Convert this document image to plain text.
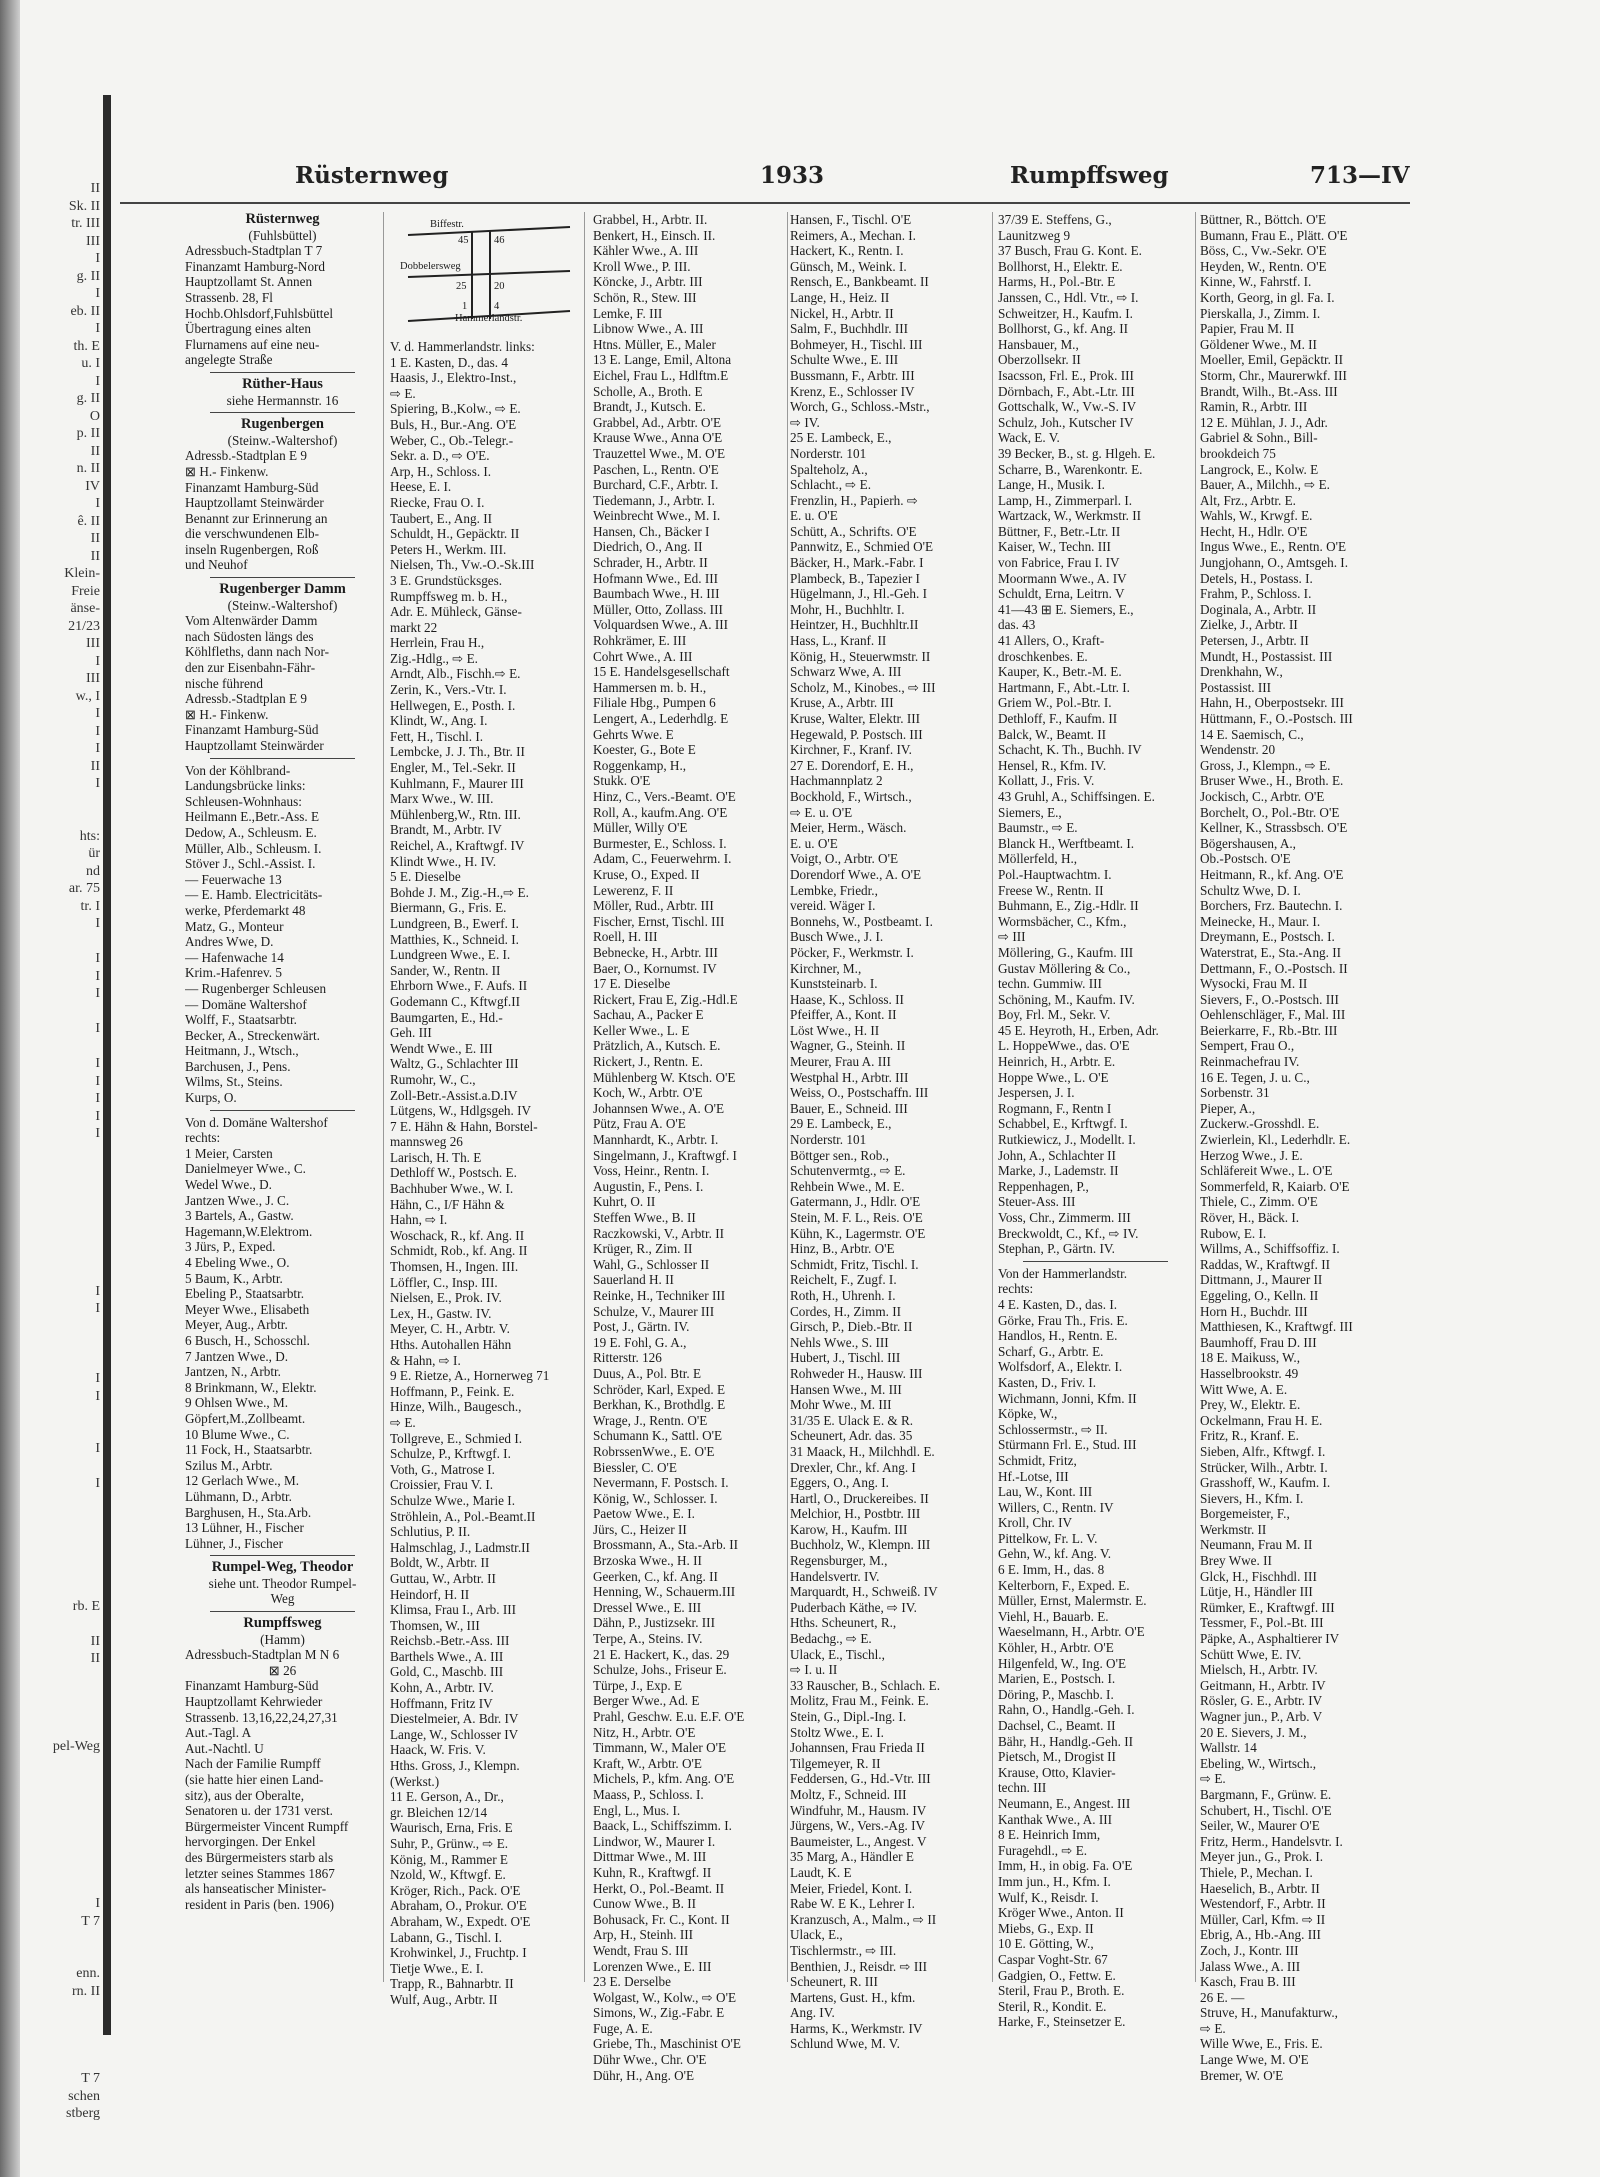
II
Sk. II
tr. III
III
I
g. II
I
eb. II
I
th. E
u. I
I
g. II
O
p. II
II
n. II
IV
I
ê. II
II
II
Klein-
Freie
änse-
21/23
III
I
III
w., I
I
I
I
II
I

hts:
ür
nd
ar. 75
tr. I
I

I
I
I

I

I
I
I
I
I

I
I

I
I

I

I

rb. E

II
II

pel-Weg

I
T 7

enn.
rn. II

T 7
schen
stberg
Rüsternweg	1933	Rumpffsweg	713—IV
Rüsternweg
(Fuhlsbüttel)
Adressbuch-Stadtplan T 7
Finanzamt Hamburg-Nord
Hauptzollamt St. Annen
Strassenb. 28, Fl
Hochb.Ohlsdorf,Fuhlsbüttel
Übertragung eines alten
Flurnamens auf eine neu-
angelegte Straße
Rüther-Haus
siehe Hermannstr. 16
Rugenbergen
(Steinw.-Waltershof)
Adressb.-Stadtplan E 9
⊠ H.- Finkenw.
Finanzamt Hamburg-Süd
Hauptzollamt Steinwärder
Benannt zur Erinnerung an
die verschwundenen Elb-
inseln Rugenbergen, Roß
und Neuhof
Rugenberger Damm
(Steinw.-Waltershof)
Vom Altenwärder Damm
nach Südosten längs des
Köhlfleths, dann nach Nor-
den zur Eisenbahn-Fähr-
nische führend
Adressb.-Stadtplan E 9
⊠ H.- Finkenw.
Finanzamt Hamburg-Süd
Hauptzollamt Steinwärder
Von der Köhlbrand-
Landungsbrücke links:
Schleusen-Wohnhaus:
Heilmann E.,Betr.-Ass. E
Dedow, A., Schleusm. E.
Müller, Alb., Schleusm. I.
Stöver J., Schl.-Assist. I.
— Feuerwache 13
— E. Hamb. Electricitäts-
werke, Pferdemarkt 48
Matz, G., Monteur
Andres Wwe, D.
— Hafenwache 14
Krim.-Hafenrev. 5
— Rugenberger Schleusen
— Domäne Waltershof
Wolff, F., Staatsarbtr.
Becker, A., Streckenwärt.
Heitmann, J., Wtsch.,
Barchusen, J., Pens.
Wilms, St., Steins.
Kurps, O.
Von d. Domäne Waltershof
rechts:
1 Meier, Carsten
Danielmeyer Wwe., C.
Wedel Wwe., D.
Jantzen Wwe., J. C.
3 Bartels, A., Gastw.
Hagemann,W.Elektrom.
3 Jürs, P., Exped.
4 Ebeling Wwe., O.
5 Baum, K., Arbtr.
Ebeling P., Staatsarbtr.
Meyer Wwe., Elisabeth
Meyer, Aug., Arbtr.
6 Busch, H., Schosschl.
7 Jantzen Wwe., D.
Jantzen, N., Arbtr.
8 Brinkmann, W., Elektr.
9 Ohlsen Wwe., M.
Göpfert,M.,Zollbeamt.
10 Blume Wwe., C.
11 Fock, H., Staatsarbtr.
Szilus M., Arbtr.
12 Gerlach Wwe., M.
Lühmann, D., Arbtr.
Barghusen, H., Sta.Arb.
13 Lühner, H., Fischer
Lühner, J., Fischer
Rumpel-Weg, Theodor
siehe unt. Theodor Rumpel-
Weg
Rumpffsweg
(Hamm)
Adressbuch-Stadtplan M N 6
⊠ 26
Finanzamt Hamburg-Süd
Hauptzollamt Kehrwieder
Strassenb. 13,16,22,24,27,31
Aut.-Tagl. A
Aut.-Nachtl. U
Nach der Familie Rumpff
(sie hatte hier einen Land-
sitz), aus der Oberalte,
Senatoren u. der 1731 verst.
Bürgermeister Vincent Rumpff
hervorgingen. Der Enkel
des Bürgermeisters starb als
letzter seines Stammes 1867
als hanseatischer Minister-
resident in Paris (ben. 1906)
Biffestr.
Dobbelersweg
Hammerlandstr.
45 46
25	20
1	4
V. d. Hammerlandstr. links:
1 E. Kasten, D., das. 4
Haasis, J., Elektro-Inst.,
⇨ E.
Spiering, B.,Kolw., ⇨ E.
Buls, H., Bur.-Ang. O'E
Weber, C., Ob.-Telegr.-
Sekr. a. D., ⇨ O'E.
Arp, H., Schloss. I.
Heese, E. I.
Riecke, Frau O. I.
Taubert, E., Ang. II
Schuldt, H., Gepäcktr. II
Peters H., Werkm. III.
Nielsen, Th., Vw.-O.-Sk.III
3 E. Grundstücksges.
Rumpffsweg m. b. H.,
Adr. E. Mühleck, Gänse-
markt 22
Herrlein, Frau H.,
Zig.-Hdlg., ⇨ E.
Arndt, Alb., Fischh.⇨ E.
Zerin, K., Vers.-Vtr. I.
Hellwegen, E., Posth. I.
Klindt, W., Ang. I.
Fett, H., Tischl. I.
Lembcke, J. J. Th., Btr. II
Engler, M., Tel.-Sekr. II
Kuhlmann, F., Maurer III
Marx Wwe., W. III.
Mühlenberg,W., Rtn. III.
Brandt, M., Arbtr. IV
Reichel, A., Kraftwgf. IV
Klindt Wwe., H. IV.
5 E. Dieselbe
Bohde J. M., Zig.-H.,⇨ E.
Biermann, G., Fris. E.
Lundgreen, B., Ewerf. I.
Matthies, K., Schneid. I.
Lundgreen Wwe., E. I.
Sander, W., Rentn. II
Ehrborn Wwe., F. Aufs. II
Godemann C., Kftwgf.II
Baumgarten, E., Hd.-
Geh. III
Wendt Wwe., E. III
Waltz, G., Schlachter III
Rumohr, W., C.,
Zoll-Betr.-Assist.a.D.IV
Lütgens, W., Hdlgsgeh. IV
7 E. Hähn & Hahn, Borstel-
mannsweg 26
Larisch, H. Th. E
Dethloff W., Postsch. E.
Bachhuber Wwe., W. I.
Hähn, C., I/F Hähn &
Hahn, ⇨ I.
Woschack, R., kf. Ang. II
Schmidt, Rob., kf. Ang. II
Thomsen, H., Ingen. III.
Löffler, C., Insp. III.
Nielsen, E., Prok. IV.
Lex, H., Gastw. IV.
Meyer, C. H., Arbtr. V.
Hths. Autohallen Hähn
& Hahn, ⇨ I.
9 E. Rietze, A., Hornerweg 71
Hoffmann, P., Feink. E.
Hinze, Wilh., Baugesch.,
⇨ E.
Tollgreve, E., Schmied I.
Schulze, P., Krftwgf. I.
Voth, G., Matrose I.
Croissier, Frau V. I.
Schulze Wwe., Marie I.
Ströhlein, A., Pol.-Beamt.II
Schlutius, P. II.
Halmschlag, J., Ladmstr.II
Boldt, W., Arbtr. II
Guttau, W., Arbtr. II
Heindorf, H. II
Klimsa, Frau I., Arb. III
Thomsen, W., III
Reichsb.-Betr.-Ass. III
Barthels Wwe., A. III
Gold, C., Maschb. III
Kohn, A., Arbtr. IV.
Hoffmann, Fritz IV
Diestelmeier, A. Bdr. IV
Lange, W., Schlosser IV
Haack, W. Fris. V.
Hths. Gross, J., Klempn.
(Werkst.)
11 E. Gerson, A., Dr.,
gr. Bleichen 12/14
Waurisch, Erna, Fris. E
Suhr, P., Grünw., ⇨ E.
König, M., Rammer E
Nzold, W., Kftwgf. E.
Kröger, Rich., Pack. O'E
Abraham, O., Prokur. O'E
Abraham, W., Expedt. O'E
Labann, G., Tischl. I.
Krohwinkel, J., Fruchtp. I
Tietje Wwe., E. I.
Trapp, R., Bahnarbtr. II
Wulf, Aug., Arbtr. II
Grabbel, H., Arbtr. II.
Benkert, H., Einsch. II.
Kähler Wwe., A. III
Kroll Wwe., P. III.
Köncke, J., Arbtr. III
Schön, R., Stew. III
Lemke, F. III
Libnow Wwe., A. III
Htns. Müller, E., Maler
13 E. Lange, Emil, Altona
Eichel, Frau L., Hdlftm.E
Scholle, A., Broth. E
Brandt, J., Kutsch. E.
Grabbel, Ad., Arbtr. O'E
Krause Wwe., Anna O'E
Trauzettel Wwe., M. O'E
Paschen, L., Rentn. O'E
Burchard, C.F., Arbtr. I.
Tiedemann, J., Arbtr. I.
Weinbrecht Wwe., M. I.
Hansen, Ch., Bäcker I
Diedrich, O., Ang. II
Schrader, H., Arbtr. II
Hofmann Wwe., Ed. III
Baumbach Wwe., H. III
Müller, Otto, Zollass. III
Volquardsen Wwe., A. III
Rohkrämer, E. III
Cohrt Wwe., A. III
15 E. Handelsgesellschaft
Hammersen m. b. H.,
Filiale Hbg., Pumpen 6
Lengert, A., Lederhdlg. E
Gehrts Wwe. E
Koester, G., Bote E
Roggenkamp, H.,
Stukk. O'E
Hinz, C., Vers.-Beamt. O'E
Roll, A., kaufm.Ang. O'E
Müller, Willy O'E
Burmester, E., Schloss. I.
Adam, C., Feuerwehrm. I.
Kruse, O., Exped. II
Lewerenz, F. II
Möller, Rud., Arbtr. III
Fischer, Ernst, Tischl. III
Roell, H. III
Bebnecke, H., Arbtr. III
Baer, O., Kornumst. IV
17 E. Dieselbe
Rickert, Frau E, Zig.-Hdl.E
Sachau, A., Packer E
Keller Wwe., L. E
Prätzlich, A., Kutsch. E.
Rickert, J., Rentn. E.
Mühlenberg W. Ktsch. O'E
Koch, W., Arbtr. O'E
Johannsen Wwe., A. O'E
Pütz, Frau A. O'E
Mannhardt, K., Arbtr. I.
Singelmann, J., Kraftwgf. I
Voss, Heinr., Rentn. I.
Augustin, F., Pens. I.
Kuhrt, O. II
Steffen Wwe., B. II
Raczkowski, V., Arbtr. II
Krüger, R., Zim. II
Wahl, G., Schlosser II
Sauerland H. II
Reinke, H., Techniker III
Schulze, V., Maurer III
Post, J., Gärtn. IV.
19 E. Fohl, G. A.,
Ritterstr. 126
Duus, A., Pol. Btr. E
Schröder, Karl, Exped. E
Berkhan, K., Brothdlg. E
Wrage, J., Rentn. O'E
Schumann K., Sattl. O'E
RobrssenWwe., E. O'E
Biessler, C. O'E
Nevermann, F. Postsch. I.
König, W., Schlosser. I.
Paetow Wwe., E. I.
Jürs, C., Heizer II
Brossmann, A., Sta.-Arb. II
Brzoska Wwe., H. II
Geerken, C., kf. Ang. II
Henning, W., Schauerm.III
Dressel Wwe., E. III
Dähn, P., Justizsekr. III
Terpe, A., Steins. IV.
21 E. Hackert, K., das. 29
Schulze, Johs., Friseur E.
Türpe, J., Exp. E
Berger Wwe., Ad. E
Prahl, Geschw. E.u. E.F. O'E
Nitz, H., Arbtr. O'E
Timmann, W., Maler O'E
Kraft, W., Arbtr. O'E
Michels, P., kfm. Ang. O'E
Maass, P., Schloss. I.
Engl, L., Mus. I.
Baack, L., Schiffszimm. I.
Lindwor, W., Maurer I.
Dittmar Wwe., M. III
Kuhn, R., Kraftwgf. II
Herkt, O., Pol.-Beamt. II
Cunow Wwe., B. II
Bohusack, Fr. C., Kont. II
Arp, H., Steinh. III
Wendt, Frau S. III
Lorenzen Wwe., E. III
23 E. Derselbe
Wolgast, W., Kolw., ⇨ O'E
Simons, W., Zig.-Fabr. E
Fuge, A. E.
Griebe, Th., Maschinist O'E
Dühr Wwe., Chr. O'E
Dühr, H., Ang. O'E
Hansen, F., Tischl. O'E
Reimers, A., Mechan. I.
Hackert, K., Rentn. I.
Günsch, M., Weink. I.
Rensch, E., Bankbeamt. II
Lange, H., Heiz. II
Nickel, H., Arbtr. II
Salm, F., Buchhdlr. III
Bohmeyer, H., Tischl. III
Schulte Wwe., E. III
Bussmann, F., Arbtr. III
Krenz, E., Schlosser IV
Worch, G., Schloss.-Mstr.,
⇨ IV.
25 E. Lambeck, E.,
Norderstr. 101
Spalteholz, A.,
Schlacht., ⇨ E.
Frenzlin, H., Papierh. ⇨
E. u. O'E
Schütt, A., Schrifts. O'E
Pannwitz, E., Schmied O'E
Bäcker, H., Mark.-Fabr. I
Plambeck, B., Tapezier I
Hügelmann, J., Hl.-Geh. I
Mohr, H., Buchhltr. I.
Heintzer, H., Buchhltr.II
Hass, L., Kranf. II
König, H., Steuerwmstr. II
Schwarz Wwe, A. III
Scholz, M., Kinobes., ⇨ III
Kruse, A., Arbtr. III
Kruse, Walter, Elektr. III
Hegewald, P. Postsch. III
Kirchner, F., Kranf. IV.
27 E. Dorendorf, E. H.,
Hachmannplatz 2
Bockhold, F., Wirtsch.,
⇨ E. u. O'E
Meier, Herm., Wäsch.
E. u. O'E
Voigt, O., Arbtr. O'E
Dorendorf Wwe., A. O'E
Lembke, Friedr.,
vereid. Wäger I.
Bonnehs, W., Postbeamt. I.
Busch Wwe., J. I.
Pöcker, F., Werkmstr. I.
Kirchner, M.,
Kunststeinarb. I.
Haase, K., Schloss. II
Pfeiffer, A., Kont. II
Löst Wwe., H. II
Wagner, G., Steinh. II
Meurer, Frau A. III
Westphal H., Arbtr. III
Weiss, O., Postschaffn. III
Bauer, E., Schneid. III
29 E. Lambeck, E.,
Norderstr. 101
Böttger sen., Rob.,
Schutenvermtg., ⇨ E.
Rehbein Wwe., M. E.
Gatermann, J., Hdlr. O'E
Stein, M. F. L., Reis. O'E
Kühn, K., Lagermstr. O'E
Hinz, B., Arbtr. O'E
Schmidt, Fritz, Tischl. I.
Reichelt, F., Zugf. I.
Roth, H., Uhrenh. I.
Cordes, H., Zimm. II
Girsch, P., Dieb.-Btr. II
Nehls Wwe., S. III
Hubert, J., Tischl. III
Rohweder H., Hausw. III
Hansen Wwe., M. III
Mohr Wwe., M. III
31/35 E. Ulack E. & R.
Scheunert, Adr. das. 35
31 Maack, H., Milchhdl. E.
Drexler, Chr., kf. Ang. I
Eggers, O., Ang. I.
Hartl, O., Druckereibes. II
Melchior, H., Postbtr. III
Karow, H., Kaufm. III
Buchholz, W., Klempn. III
Regensburger, M.,
Handelsvertr. IV.
Marquardt, H., Schweiß. IV
Puderbach Käthe, ⇨ IV.
Hths. Scheunert, R.,
Bedachg., ⇨ E.
Ulack, E., Tischl.,
⇨ I. u. II
33 Rauscher, B., Schlach. E.
Molitz, Frau M., Feink. E.
Stein, G., Dipl.-Ing. I.
Stoltz Wwe., E. I.
Johannsen, Frau Frieda II
Tilgemeyer, R. II
Feddersen, G., Hd.-Vtr. III
Moltz, F., Schneid. III
Windfuhr, M., Hausm. IV
Jürgens, W., Vers.-Ag. IV
Baumeister, L., Angest. V
35 Marg, A., Händler E
Laudt, K. E
Meier, Friedel, Kont. I.
Rabe W. E K., Lehrer I.
Kranzusch, A., Malm., ⇨ II
Ulack, E.,
Tischlermstr., ⇨ III.
Benthien, J., Reisdr. ⇨ III
Scheunert, R. III
Martens, Gust. H., kfm.
Ang. IV.
Harms, K., Werkmstr. IV
Schlund Wwe, M. V.
37/39 E. Steffens, G.,
Launitzweg 9
37 Busch, Frau G. Kont. E.
Bollhorst, H., Elektr. E.
Harms, H., Pol.-Btr. E
Janssen, C., Hdl. Vtr., ⇨ I.
Schweitzer, H., Kaufm. I.
Bollhorst, G., kf. Ang. II
Hansbauer, M.,
Oberzollsekr. II
Isacsson, Frl. E., Prok. III
Dörnbach, F., Abt.-Ltr. III
Gottschalk, W., Vw.-S. IV
Schulz, Joh., Kutscher IV
Wack, E. V.
39 Becker, B., st. g. Hlgeh. E.
Scharre, B., Warenkontr. E.
Lange, H., Musik. I.
Lamp, H., Zimmerparl. I.
Wartzack, W., Werkmstr. II
Büttner, F., Betr.-Ltr. II
Kaiser, W., Techn. III
von Fabrice, Frau I. IV
Moormann Wwe., A. IV
Schuldt, Erna, Leitrn. V
41—43 ⊞ E. Siemers, E.,
das. 43
41 Allers, O., Kraft-
droschkenbes. E.
Kauper, K., Betr.-M. E.
Hartmann, F., Abt.-Ltr. I.
Griem W., Pol.-Btr. I.
Dethloff, F., Kaufm. II
Balck, W., Beamt. II
Schacht, K. Th., Buchh. IV
Hensel, R., Kfm. IV.
Kollatt, J., Fris. V.
43 Gruhl, A., Schiffsingen. E.
Siemers, E.,
Baumstr., ⇨ E.
Blanck H., Werftbeamt. I.
Möllerfeld, H.,
Pol.-Hauptwachtm. I.
Freese W., Rentn. II
Buhmann, E., Zig.-Hdlr. II
Wormsbächer, C., Kfm.,
⇨ III
Möllering, G., Kaufm. III
Gustav Möllering & Co.,
techn. Gummiw. III
Schöning, M., Kaufm. IV.
Boy, Frl. M., Sekr. V.
45 E. Heyroth, H., Erben, Adr.
L. HoppeWwe., das. O'E
Heinrich, H., Arbtr. E.
Hoppe Wwe., L. O'E
Jespersen, J. I.
Rogmann, F., Rentn I
Schabbel, E., Krftwgf. I.
Rutkiewicz, J., Modellt. I.
John, A., Schlachter II
Marke, J., Lademstr. II
Reppenhagen, P.,
Steuer-Ass. III
Voss, Chr., Zimmerm. III
Breckwoldt, C., Kf., ⇨ IV.
Stephan, P., Gärtn. IV.
Von der Hammerlandstr.
rechts:
4 E. Kasten, D., das. I.
Görke, Frau Th., Fris. E.
Handlos, H., Rentn. E.
Scharf, G., Arbtr. E.
Wolfsdorf, A., Elektr. I.
Kasten, D., Friv. I.
Wichmann, Jonni, Kfm. II
Köpke, W.,
Schlossermstr., ⇨ II.
Stürmann Frl. E., Stud. III
Schmidt, Fritz,
Hf.-Lotse, III
Lau, W., Kont. III
Willers, C., Rentn. IV
Kroll, Chr. IV
Pittelkow, Fr. L. V.
Gehn, W., kf. Ang. V.
6 E. Imm, H., das. 8
Kelterborn, F., Exped. E.
Müller, Ernst, Malermstr. E.
Viehl, H., Bauarb. E.
Waeselmann, H., Arbtr. O'E
Köhler, H., Arbtr. O'E
Hilgenfeld, W., Ing. O'E
Marien, E., Postsch. I.
Döring, P., Maschb. I.
Rahn, O., Handlg.-Geh. I.
Dachsel, C., Beamt. II
Bähr, H., Handlg.-Geh. II
Pietsch, M., Drogist II
Krause, Otto, Klavier-
techn. III
Neumann, E., Angest. III
Kanthak Wwe., A. III
8 E. Heinrich Imm,
Furagehdl., ⇨ E.
Imm, H., in obig. Fa. O'E
Imm jun., H., Kfm. I.
Wulf, K., Reisdr. I.
Kröger Wwe., Anton. II
Miebs, G., Exp. II
10 E. Götting, W.,
Caspar Voght-Str. 67
Gadgien, O., Fettw. E.
Steril, Frau P., Broth. E.
Steril, R., Kondit. E.
Harke, F., Steinsetzer E.
Büttner, R., Böttch. O'E
Bumann, Frau E., Plätt. O'E
Böss, C., Vw.-Sekr. O'E
Heyden, W., Rentn. O'E
Kinne, W., Fahrstf. I.
Korth, Georg, in gl. Fa. I.
Pierskalla, J., Zimm. I.
Papier, Frau M. II
Göldener Wwe., M. II
Moeller, Emil, Gepäcktr. II
Storm, Chr., Maurerwkf. III
Brandt, Wilh., Bt.-Ass. III
Ramin, R., Arbtr. III
12 E. Mühlan, J. J., Adr.
Gabriel & Sohn., Bill-
brookdeich 75
Langrock, E., Kolw. E
Bauer, A., Milchh., ⇨ E.
Alt, Frz., Arbtr. E.
Wahls, W., Krwgf. E.
Hecht, H., Hdlr. O'E
Ingus Wwe., E., Rentn. O'E
Jungjohann, O., Amtsgeh. I.
Detels, H., Postass. I.
Frahm, P., Schloss. I.
Doginala, A., Arbtr. II
Zielke, J., Arbtr. II
Petersen, J., Arbtr. II
Mundt, H., Postassist. III
Drenkhahn, W.,
Postassist. III
Hahn, H., Oberpostsekr. III
Hüttmann, F., O.-Postsch. III
14 E. Saemisch, C.,
Wendenstr. 20
Gross, J., Klempn., ⇨ E.
Bruser Wwe., H., Broth. E.
Jockisch, C., Arbtr. O'E
Borchelt, O., Pol.-Btr. O'E
Kellner, K., Strassbsch. O'E
Bögershausen, A.,
Ob.-Postsch. O'E
Heitmann, R., kf. Ang. O'E
Schultz Wwe, D. I.
Borchers, Frz. Bautechn. I.
Meinecke, H., Maur. I.
Dreymann, E., Postsch. I.
Waterstrat, E., Sta.-Ang. II
Dettmann, F., O.-Postsch. II
Wysocki, Frau M. II
Sievers, F., O.-Postsch. III
Oehlenschläger, F., Mal. III
Beierkarre, F., Rb.-Btr. III
Sempert, Frau O.,
Reinmachefrau IV.
16 E. Tegen, J. u. C.,
Sorbenstr. 31
Pieper, A.,
Zuckerw.-Grosshdl. E.
Zwierlein, Kl., Lederhdlr. E.
Herzog Wwe., J. E.
Schläfereit Wwe., L. O'E
Sommerfeld, R, Kaiarb. O'E
Thiele, C., Zimm. O'E
Röver, H., Bäck. I.
Rubow, E. I.
Willms, A., Schiffsoffiz. I.
Raddas, W., Kraftwgf. II
Dittmann, J., Maurer II
Eggeling, O., Kelln. II
Horn H., Buchdr. III
Matthiesen, K., Kraftwgf. III
Baumhoff, Frau D. III
18 E. Maikuss, W.,
Hasselbrookstr. 49
Witt Wwe, A. E.
Prey, W., Elektr. E.
Ockelmann, Frau H. E.
Fritz, R., Kranf. E.
Sieben, Alfr., Kftwgf. I.
Strücker, Wilh., Arbtr. I.
Grasshoff, W., Kaufm. I.
Sievers, H., Kfm. I.
Borgemeister, F.,
Werkmstr. II
Neumann, Frau M. II
Brey Wwe. II
Glck, H., Fischhdl. III
Lütje, H., Händler III
Rümker, E., Kraftwgf. III
Tessmer, F., Pol.-Bt. III
Päpke, A., Asphaltierer IV
Schütt Wwe, E. IV.
Mielsch, H., Arbtr. IV.
Geitmann, H., Arbtr. IV
Rösler, G. E., Arbtr. IV
Wagner jun., P., Arb. V
20 E. Sievers, J. M.,
Wallstr. 14
Ebeling, W., Wirtsch.,
⇨ E.
Bargmann, F., Grünw. E.
Schubert, H., Tischl. O'E
Seiler, W., Maurer O'E
Fritz, Herm., Handelsvtr. I.
Meyer jun., G., Prok. I.
Thiele, P., Mechan. I.
Haeselich, B., Arbtr. II
Westendorf, F., Arbtr. II
Müller, Carl, Kfm. ⇨ II
Ebrig, A., Hb.-Ang. III
Zoch, J., Kontr. III
Jalass Wwe., A. III
Kasch, Frau B. III
26 E. —
Struve, H., Manufakturw.,
⇨ E.
Wille Wwe, E., Fris. E.
Lange Wwe, M. O'E
Bremer, W. O'E
